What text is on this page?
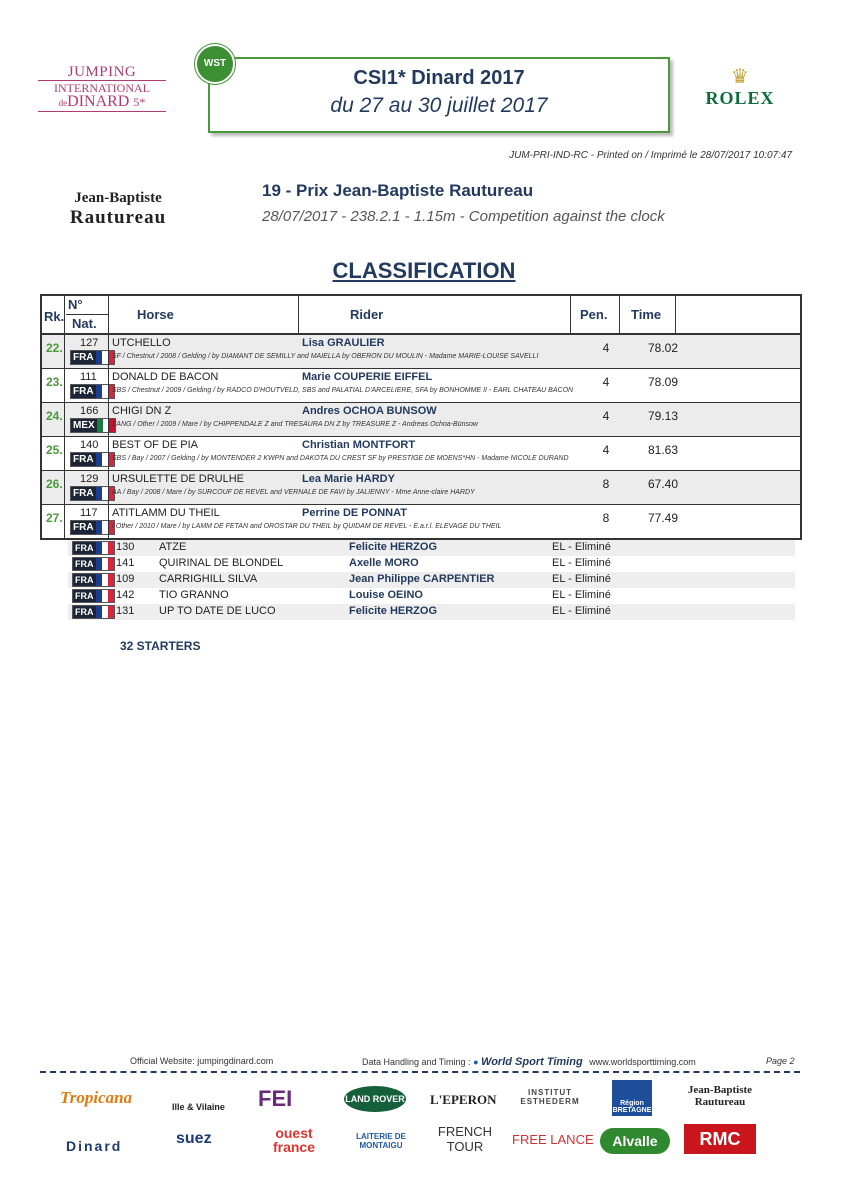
JUMPING
INTERNATIONAL
deDINARD 5*
CSI1* Dinard 2017
du 27 au 30 juillet 2017
WST
♛
ROLEX
JUM-PRI-IND-RC - Printed on / Imprimé le 28/07/2017 10:07:47
Jean-Baptiste
Rautureau
19 - Prix Jean-Baptiste Rautureau
28/07/2017 - 238.2.1 - 1.15m - Competition against the clock
CLASSIFICATION
Rk.
N°
Nat.
Horse	Rider	Pen. Time
22. 127
FRA
UTCHELLO	Lisa GRAULIER
SF / Chestnut / 2008 / Gelding / by DIAMANT DE SEMILLY and MAIELLA by OBERON DU MOULIN - Madame MARIE-LOUISE SAVELLI
4	78.02
23. 111
FRA
DONALD DE BACON	Marie COUPERIE EIFFEL
SBS / Chestnut / 2009 / Gelding / by RADCO D'HOUTVELD, SBS and PALATIAL D'ARCELIERE, SFA by BONHOMME II - EARL CHATEAU BACON
4	78.09
24. 166
MEX
CHIGI DN Z	Andres OCHOA BUNSOW
ZANG / Other / 2009 / Mare / by CHIPPENDALE Z and TRESAURA DN Z by TREASURE Z - Andreas Ochoa-Bünsow
4	79.13
25. 140
FRA
BEST OF DE PIA	Christian MONTFORT
SBS / Bay / 2007 / Gelding / by MONTENDER 2 KWPN and DAKOTA DU CREST SF by PRESTIGE DE MOENS*HN - Madame NICOLE DURAND
4	81.63
26. 129
FRA
URSULETTE DE DRULHE	Lea Marie HARDY
AA / Bay / 2008 / Mare / by SURCOUF DE REVEL and VERNALE DE FAVI by JALIENNY - Mme Anne-claire HARDY
8	67.40
27. 117
FRA
ATITLAMM DU THEIL	Perrine DE PONNAT
/ Other / 2010 / Mare / by LAMM DE FETAN and OROSTAR DU THEIL by QUIDAM DE REVEL - E.a.r.l. ELEVAGE DU THEIL
8	77.49
FRA 130 ATZE	Felicite HERZOG	EL - Eliminé
FRA 141 QUIRINAL DE BLONDEL	Axelle MORO	EL - Eliminé
FRA 109 CARRIGHILL SILVA	Jean Philippe CARPENTIER	EL - Eliminé
FRA 142 TIO GRANNO	Louise OEINO	EL - Eliminé
FRA 131 UP TO DATE DE LUCO	Felicite HERZOG	EL - Eliminé
32 STARTERS
Official Website: jumpingdinard.com	Data Handling and Timing : ● World Sport Timing www.worldsporttiming.com	Page 2
Tropicana	Ille & Vilaine FEI	LAND ROVER L'EPERON	INSTITUT ESTHEDERM	Région BRETAGNE
Jean-Baptiste Rautureau
Dinard	suez	ouest france
LAITERIE DE MONTAIGU
FRENCH TOUR	FREE LANCE	Alvalle	RMC
